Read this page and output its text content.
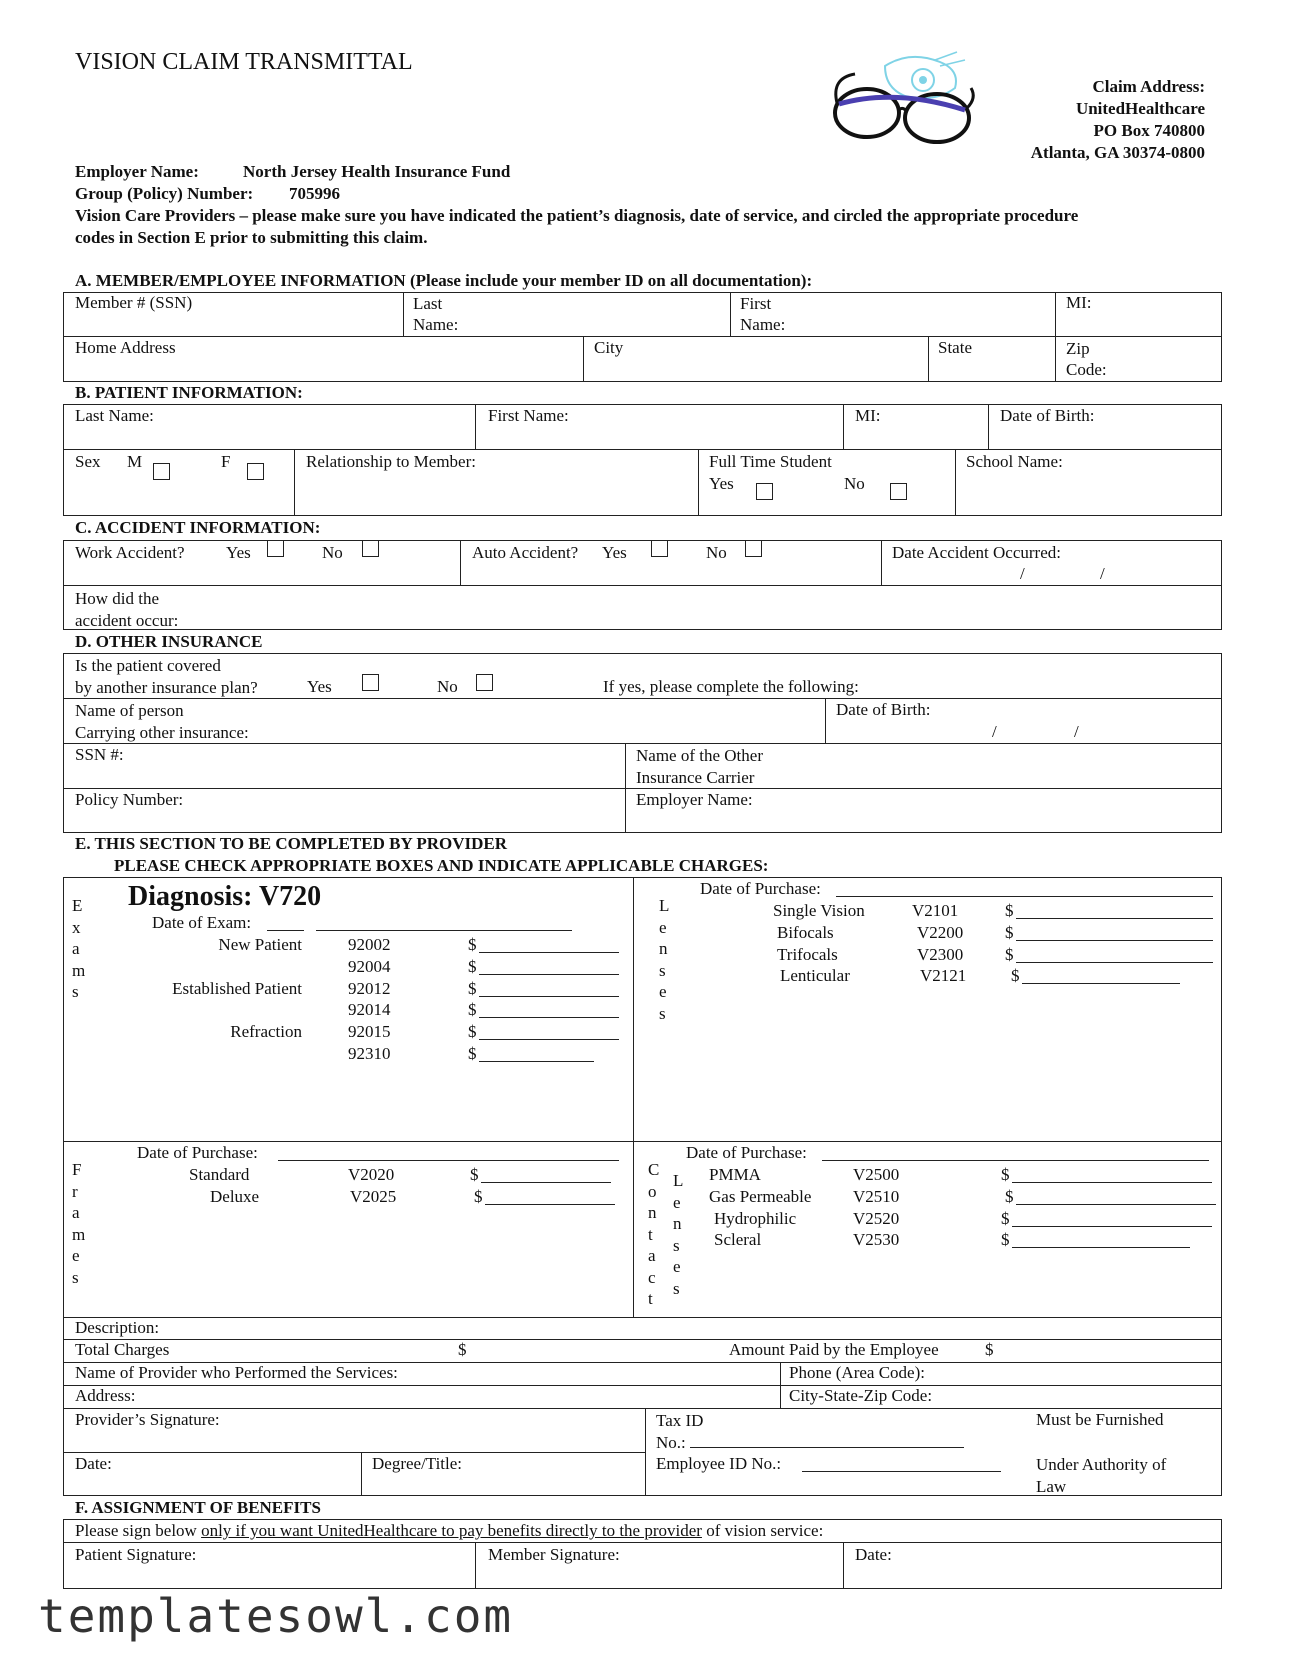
VISION CLAIM TRANSMITTAL
Claim Address:
UnitedHealthcare
PO Box 740800
Atlanta, GA 30374-0800
Employer Name:	North Jersey Health Insurance Fund
Group (Policy) Number: 705996
Vision Care Providers – please make sure you have indicated the patient’s diagnosis, date of service, and circled the appropriate procedure
codes in Section E prior to submitting this claim.
A. MEMBER/EMPLOYEE INFORMATION (Please include your member ID on all documentation):
Member # (SSN)	Last
Name:
First
Name:
MI:
Home Address	City	State	Zip
Code:
B. PATIENT INFORMATION:
Last Name:	First Name:	MI:	Date of Birth:
Sex M	F	Relationship to Member:	Full Time Student
Yes	No
School Name:
C. ACCIDENT INFORMATION:
Work Accident? Yes	No	Auto Accident? Yes	No	Date Accident Occurred:
/	/
How did the
accident occur:
D. OTHER INSURANCE
Is the patient covered
by another insurance plan?	Yes	No	If yes, please complete the following:
Name of person
Carrying other insurance:
Date of Birth:
/	/
SSN #:	Name of the Other
Insurance Carrier
Policy Number:	Employer Name:
E. THIS SECTION TO BE COMPLETED BY PROVIDER
PLEASE CHECK APPROPRIATE BOXES AND INDICATE APPLICABLE CHARGES:
E
x
a
m
s
Diagnosis: V720
Date of Exam:
New Patient	92002	$
92004	$
Established Patient	92012	$
92014	$
Refraction	92015	$
92310	$
L
e
n
s
e
s
Date of Purchase:
Single Vision	V2101	$
Bifocals	V2200 $
Trifocals	V2300 $
Lenticular	V2121	$
F
r
a
m
e
s
Date of Purchase:
Standard	V2020	$
Deluxe	V2025	$
C
o
n
t
a
c
t
L
e
n
s
e
s
Date of Purchase:
PMMA	V2500	$
Gas Permeable V2510	$
Hydrophilic	V2520	$
Scleral	V2530	$
Description:
Total Charges	$	Amount Paid by the Employee	$
Name of Provider who Performed the Services:	Phone (Area Code):
Address:	City-State-Zip Code:
Provider’s Signature:	Tax ID
No.:
Must be Furnished
Date:	Degree/Title:	Employee ID No.:	Under Authority of
Law
F. ASSIGNMENT OF BENEFITS
Please sign below only if you want UnitedHealthcare to pay benefits directly to the provider of vision service:
Patient Signature:	Member Signature:	Date:
templatesowl.com
